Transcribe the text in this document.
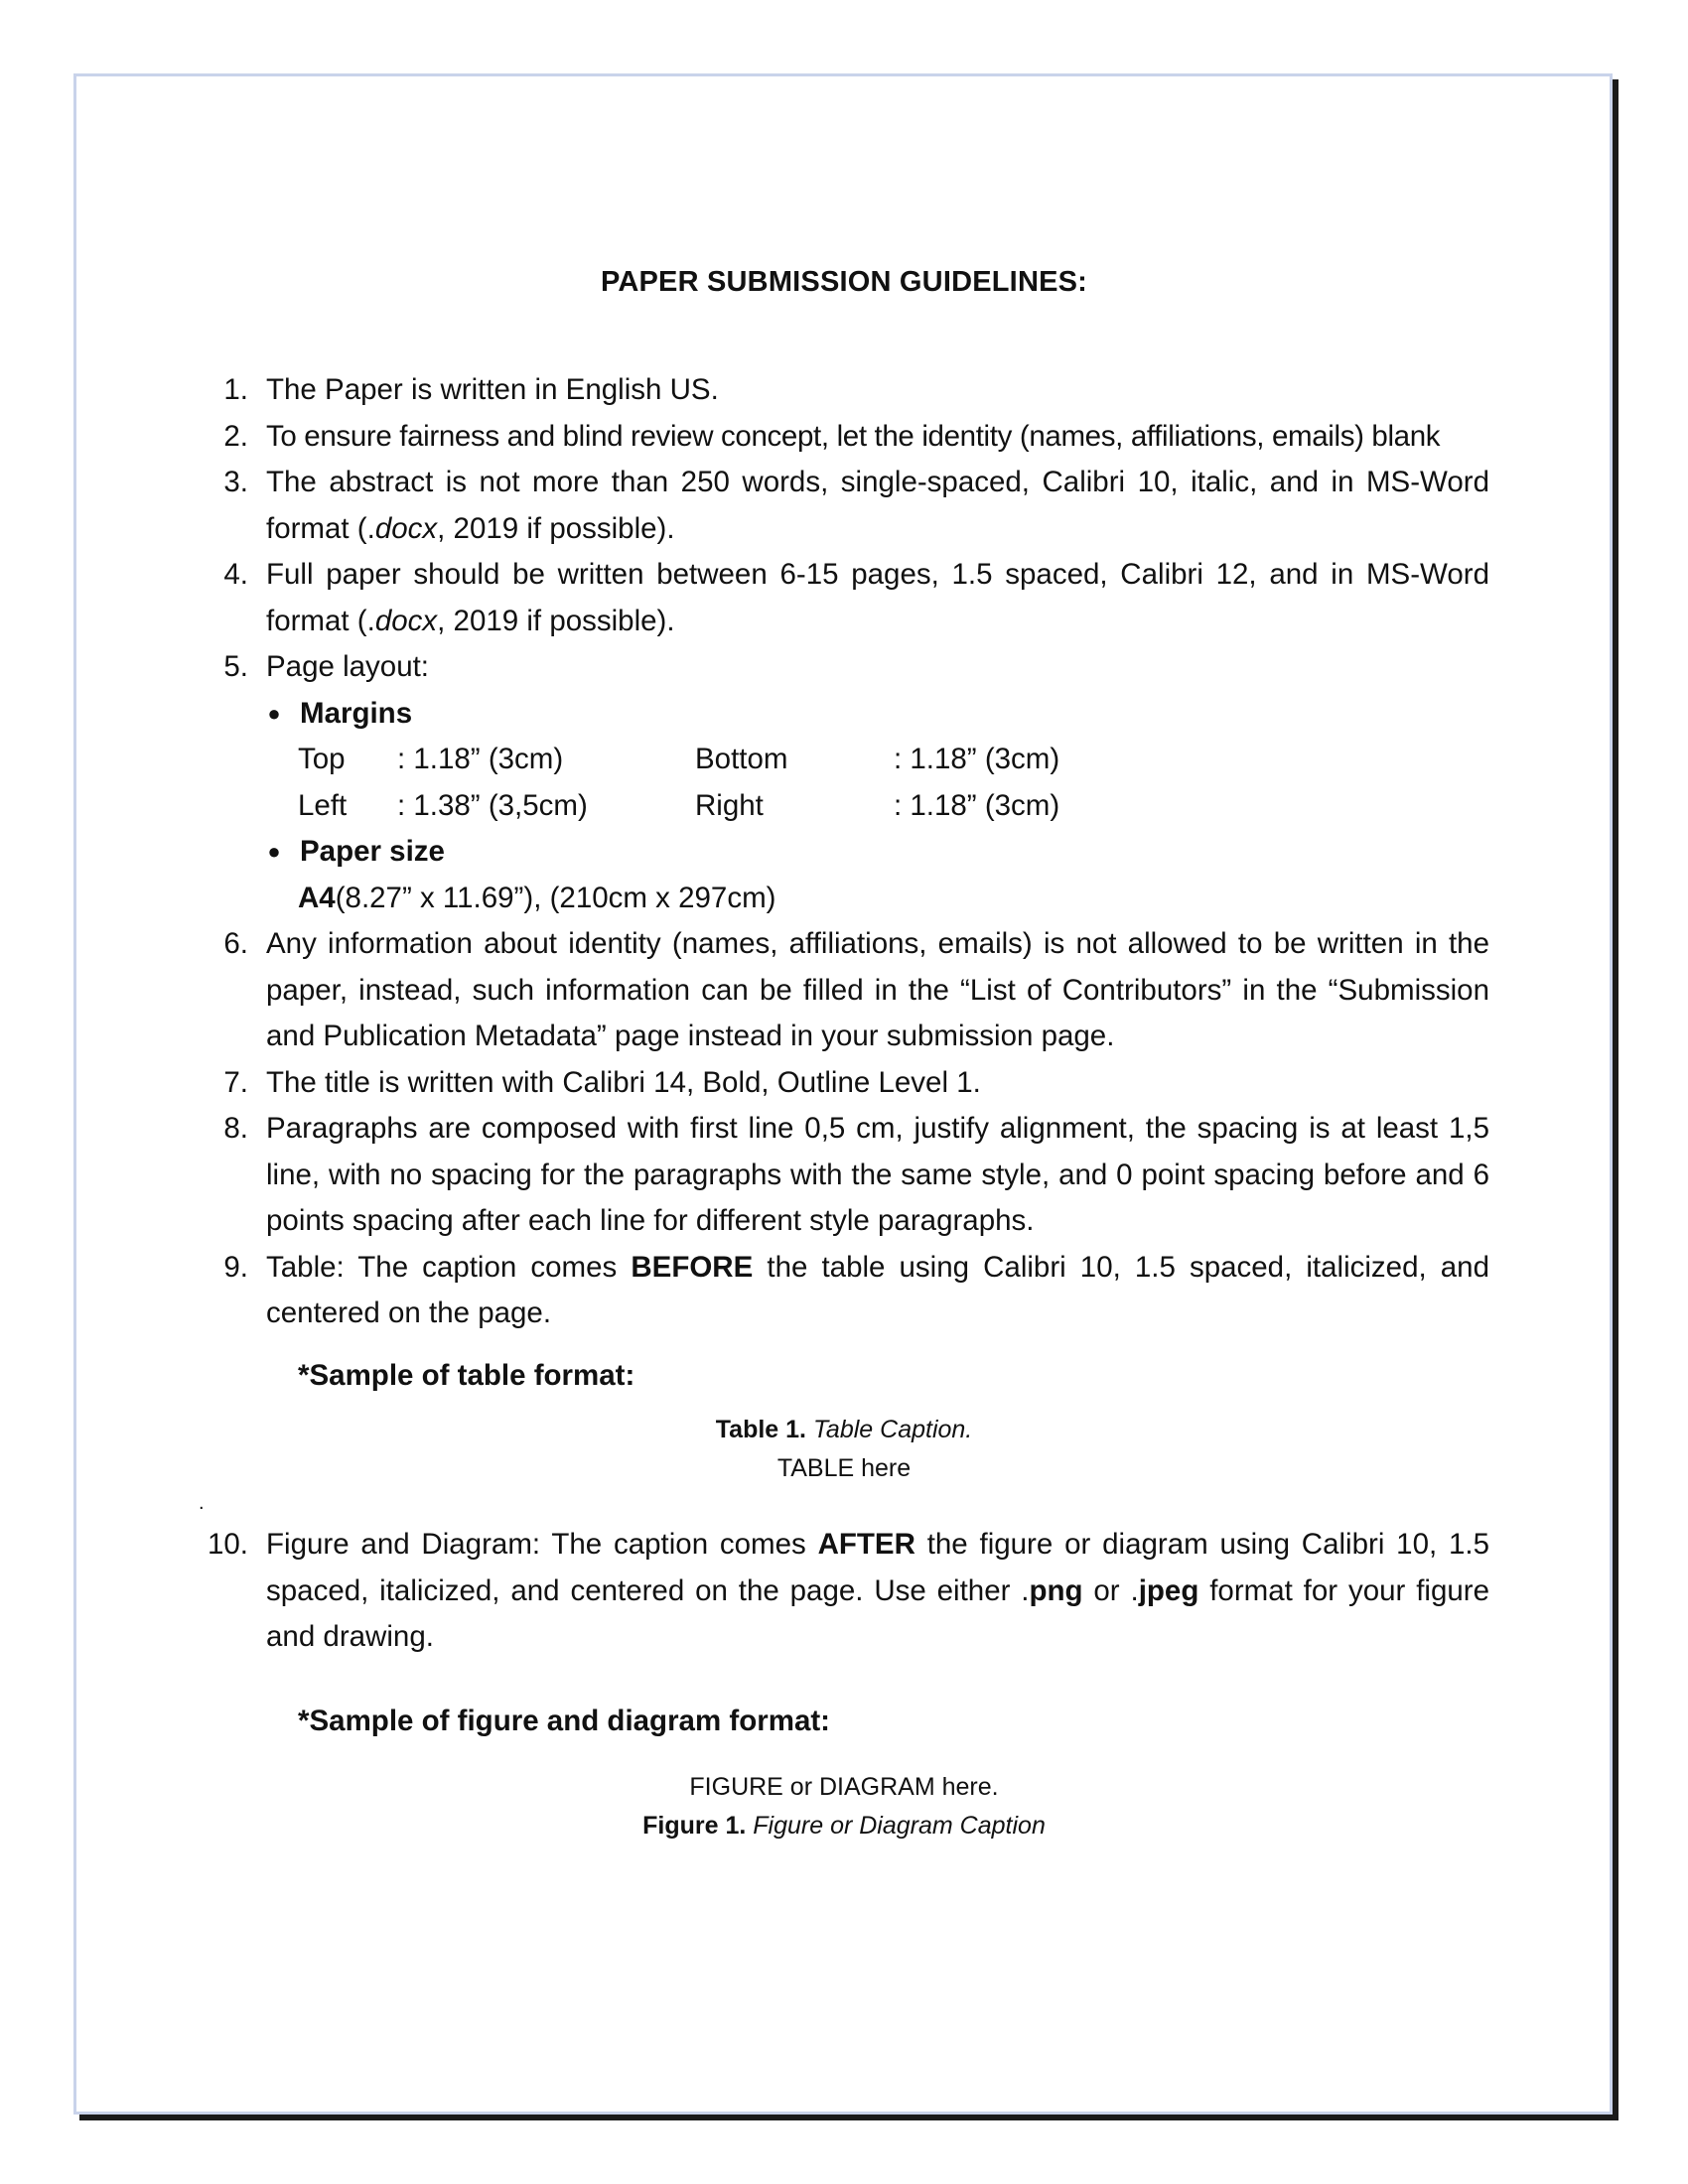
PAPER SUBMISSION GUIDELINES:
1. The Paper is written in English US.
2. To ensure fairness and blind review concept, let the identity (names, affiliations, emails) blank
3. The abstract is not more than 250 words, single-spaced, Calibri 10, italic, and in MS-Word format (.docx, 2019 if possible).
4. Full paper should be written between 6-15 pages, 1.5 spaced, Calibri 12, and in MS-Word format (.docx, 2019 if possible).
5. Page layout:
● Margins
Top	: 1.18” (3cm)	Bottom	: 1.18” (3cm)
Left	: 1.38” (3,5cm)	Right	: 1.18” (3cm)
● Paper size
A4(8.27” x 11.69”), (210cm x 297cm)
6. Any information about identity (names, affiliations, emails) is not allowed to be written in the paper, instead, such information can be filled in the “List of Contributors” in the “Submission and Publication Metadata” page instead in your submission page.
7. The title is written with Calibri 14, Bold, Outline Level 1.
8. Paragraphs are composed with first line 0,5 cm, justify alignment, the spacing is at least 1,5 line, with no spacing for the paragraphs with the same style, and 0 point spacing before and 6 points spacing after each line for different style paragraphs.
9. Table: The caption comes BEFORE the table using Calibri 10, 1.5 spaced, italicized, and centered on the page.
*Sample of table format:
Table 1. Table Caption.
TABLE here
.
10. Figure and Diagram: The caption comes AFTER the figure or diagram using Calibri 10, 1.5 spaced, italicized, and centered on the page. Use either .png or .jpeg format for your figure and drawing.
*Sample of figure and diagram format:
FIGURE or DIAGRAM here.
Figure 1. Figure or Diagram Caption
